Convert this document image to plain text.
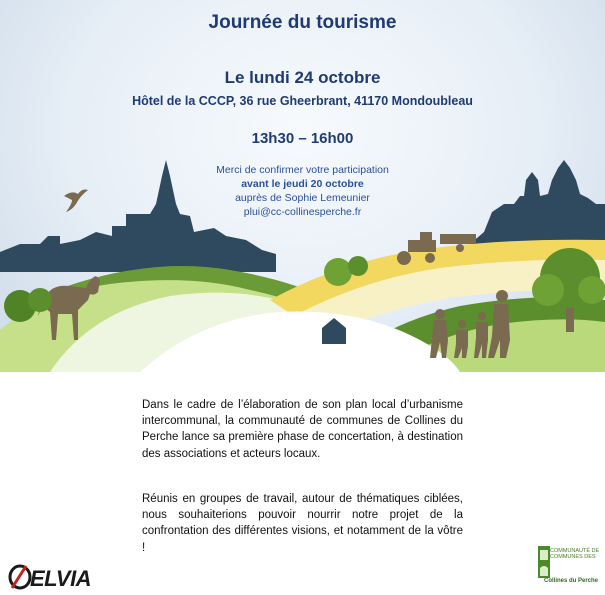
Journée du tourisme
Le lundi 24 octobre
Hôtel de la CCCP, 36 rue Gheerbrant, 41170 Mondoubleau
13h30 – 16h00
Merci de confirmer votre participation
avant le jeudi 20 octobre
auprès de Sophie Lemeunier
plui@cc-collinesperche.fr
Dans le cadre de l’élaboration de son plan local d’urbanisme intercommunal, la communauté de communes de Collines du Perche lance sa première phase de concertation, à destination des associations et acteurs locaux.
Réunis en groupes de travail, autour de thématiques ciblées, nous souhaiterions pouvoir nourrir notre projet de la confrontation des différentes visions, et notamment de la vôtre !
ELVIA
COMMUNAUTÉ DE COMMUNES DES
Collines du Perche
